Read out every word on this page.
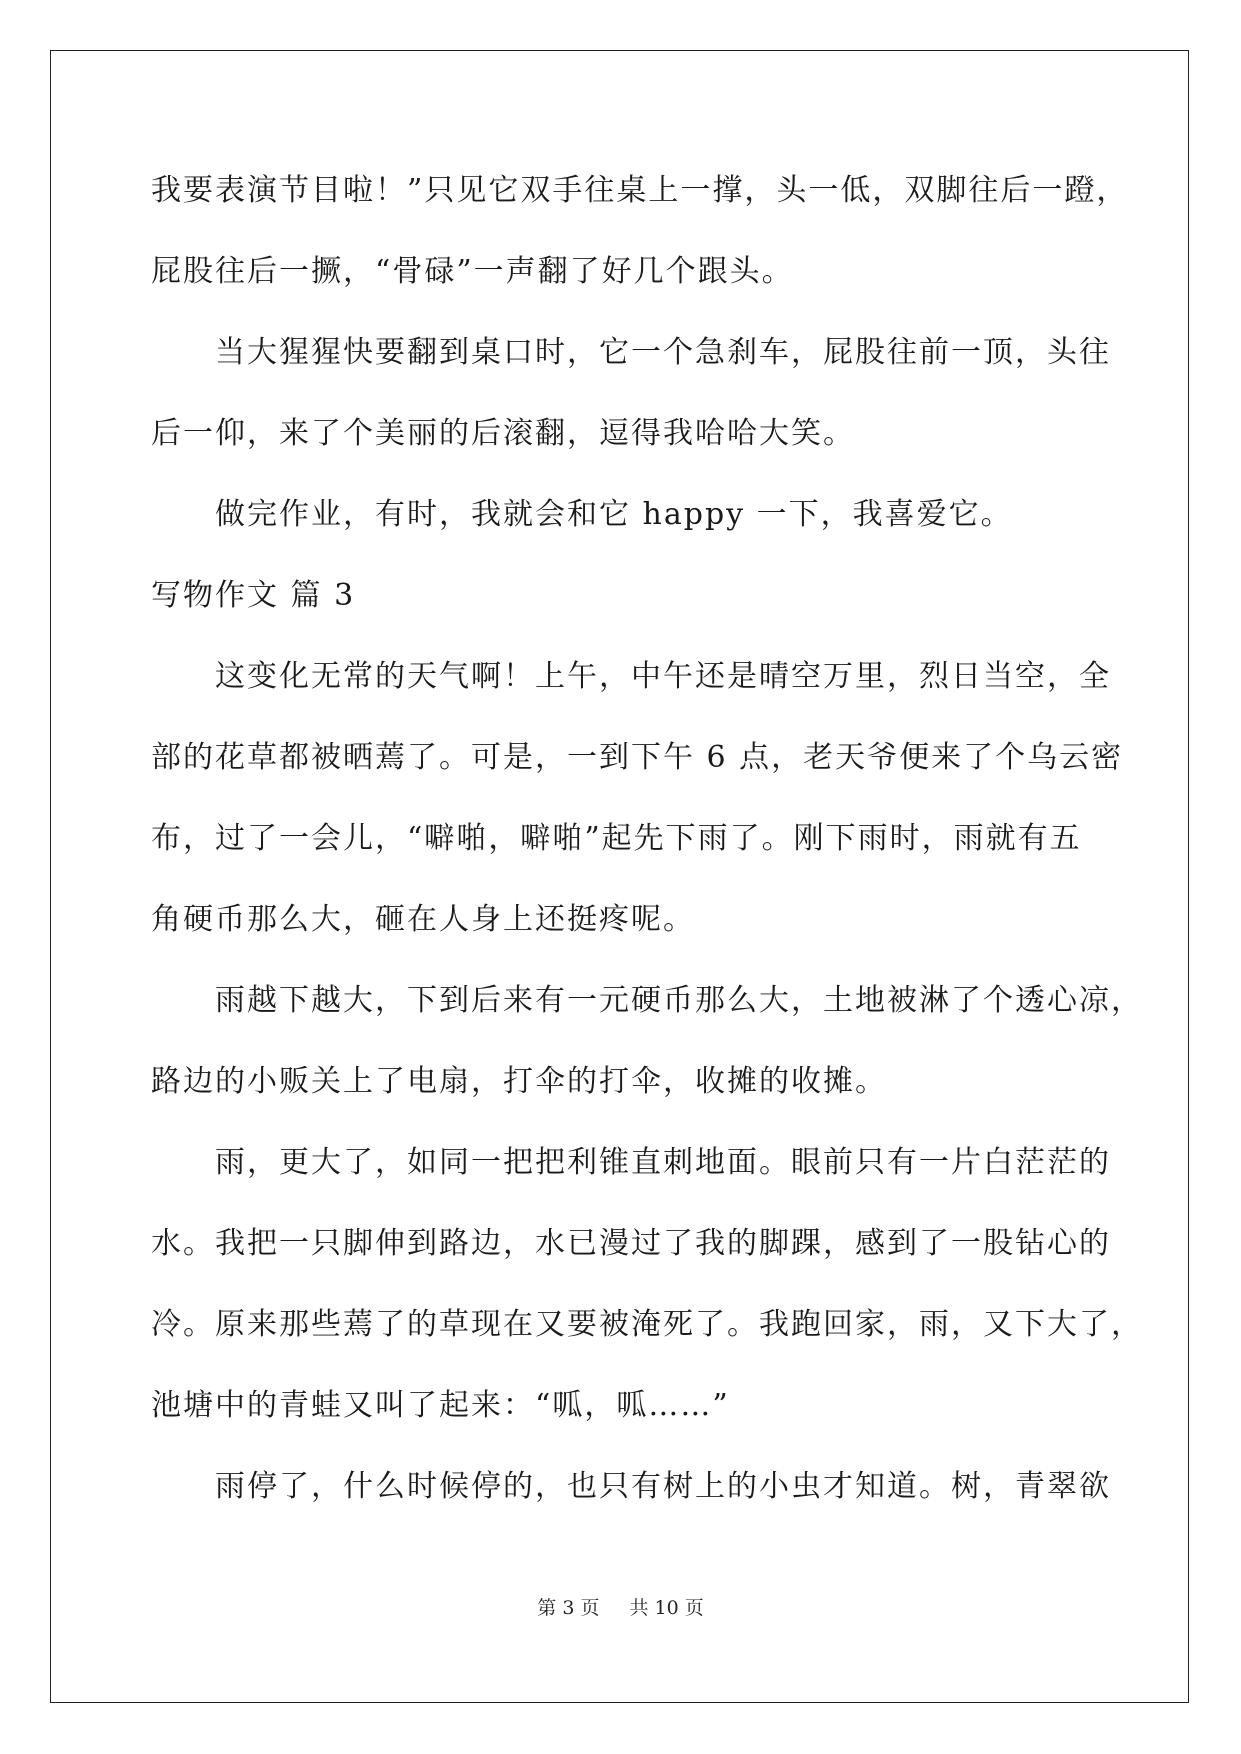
我要表演节目啦！”只见它双手往桌上一撑，头一低，双脚往后一蹬，
屁股往后一撅，“骨碌”一声翻了好几个跟头。
当大猩猩快要翻到桌口时，它一个急刹车，屁股往前一顶，头往
后一仰，来了个美丽的后滚翻，逗得我哈哈大笑。
做完作业，有时，我就会和它 happy 一下，我喜爱它。
写物作文 篇 3
这变化无常的天气啊！上午，中午还是晴空万里，烈日当空，全
部的花草都被晒蔫了。可是，一到下午 6 点，老天爷便来了个乌云密
布，过了一会儿，“噼啪，噼啪”起先下雨了。刚下雨时，雨就有五
角硬币那么大，砸在人身上还挺疼呢。
雨越下越大，下到后来有一元硬币那么大，土地被淋了个透心凉，
路边的小贩关上了电扇，打伞的打伞，收摊的收摊。
雨，更大了，如同一把把利锥直刺地面。眼前只有一片白茫茫的
水。我把一只脚伸到路边，水已漫过了我的脚踝，感到了一股钻心的
冷。原来那些蔫了的草现在又要被淹死了。我跑回家，雨，又下大了，
池塘中的青蛙又叫了起来：“呱，呱……”
雨停了，什么时候停的，也只有树上的小虫才知道。树，青翠欲
第 3 页 共 10 页
